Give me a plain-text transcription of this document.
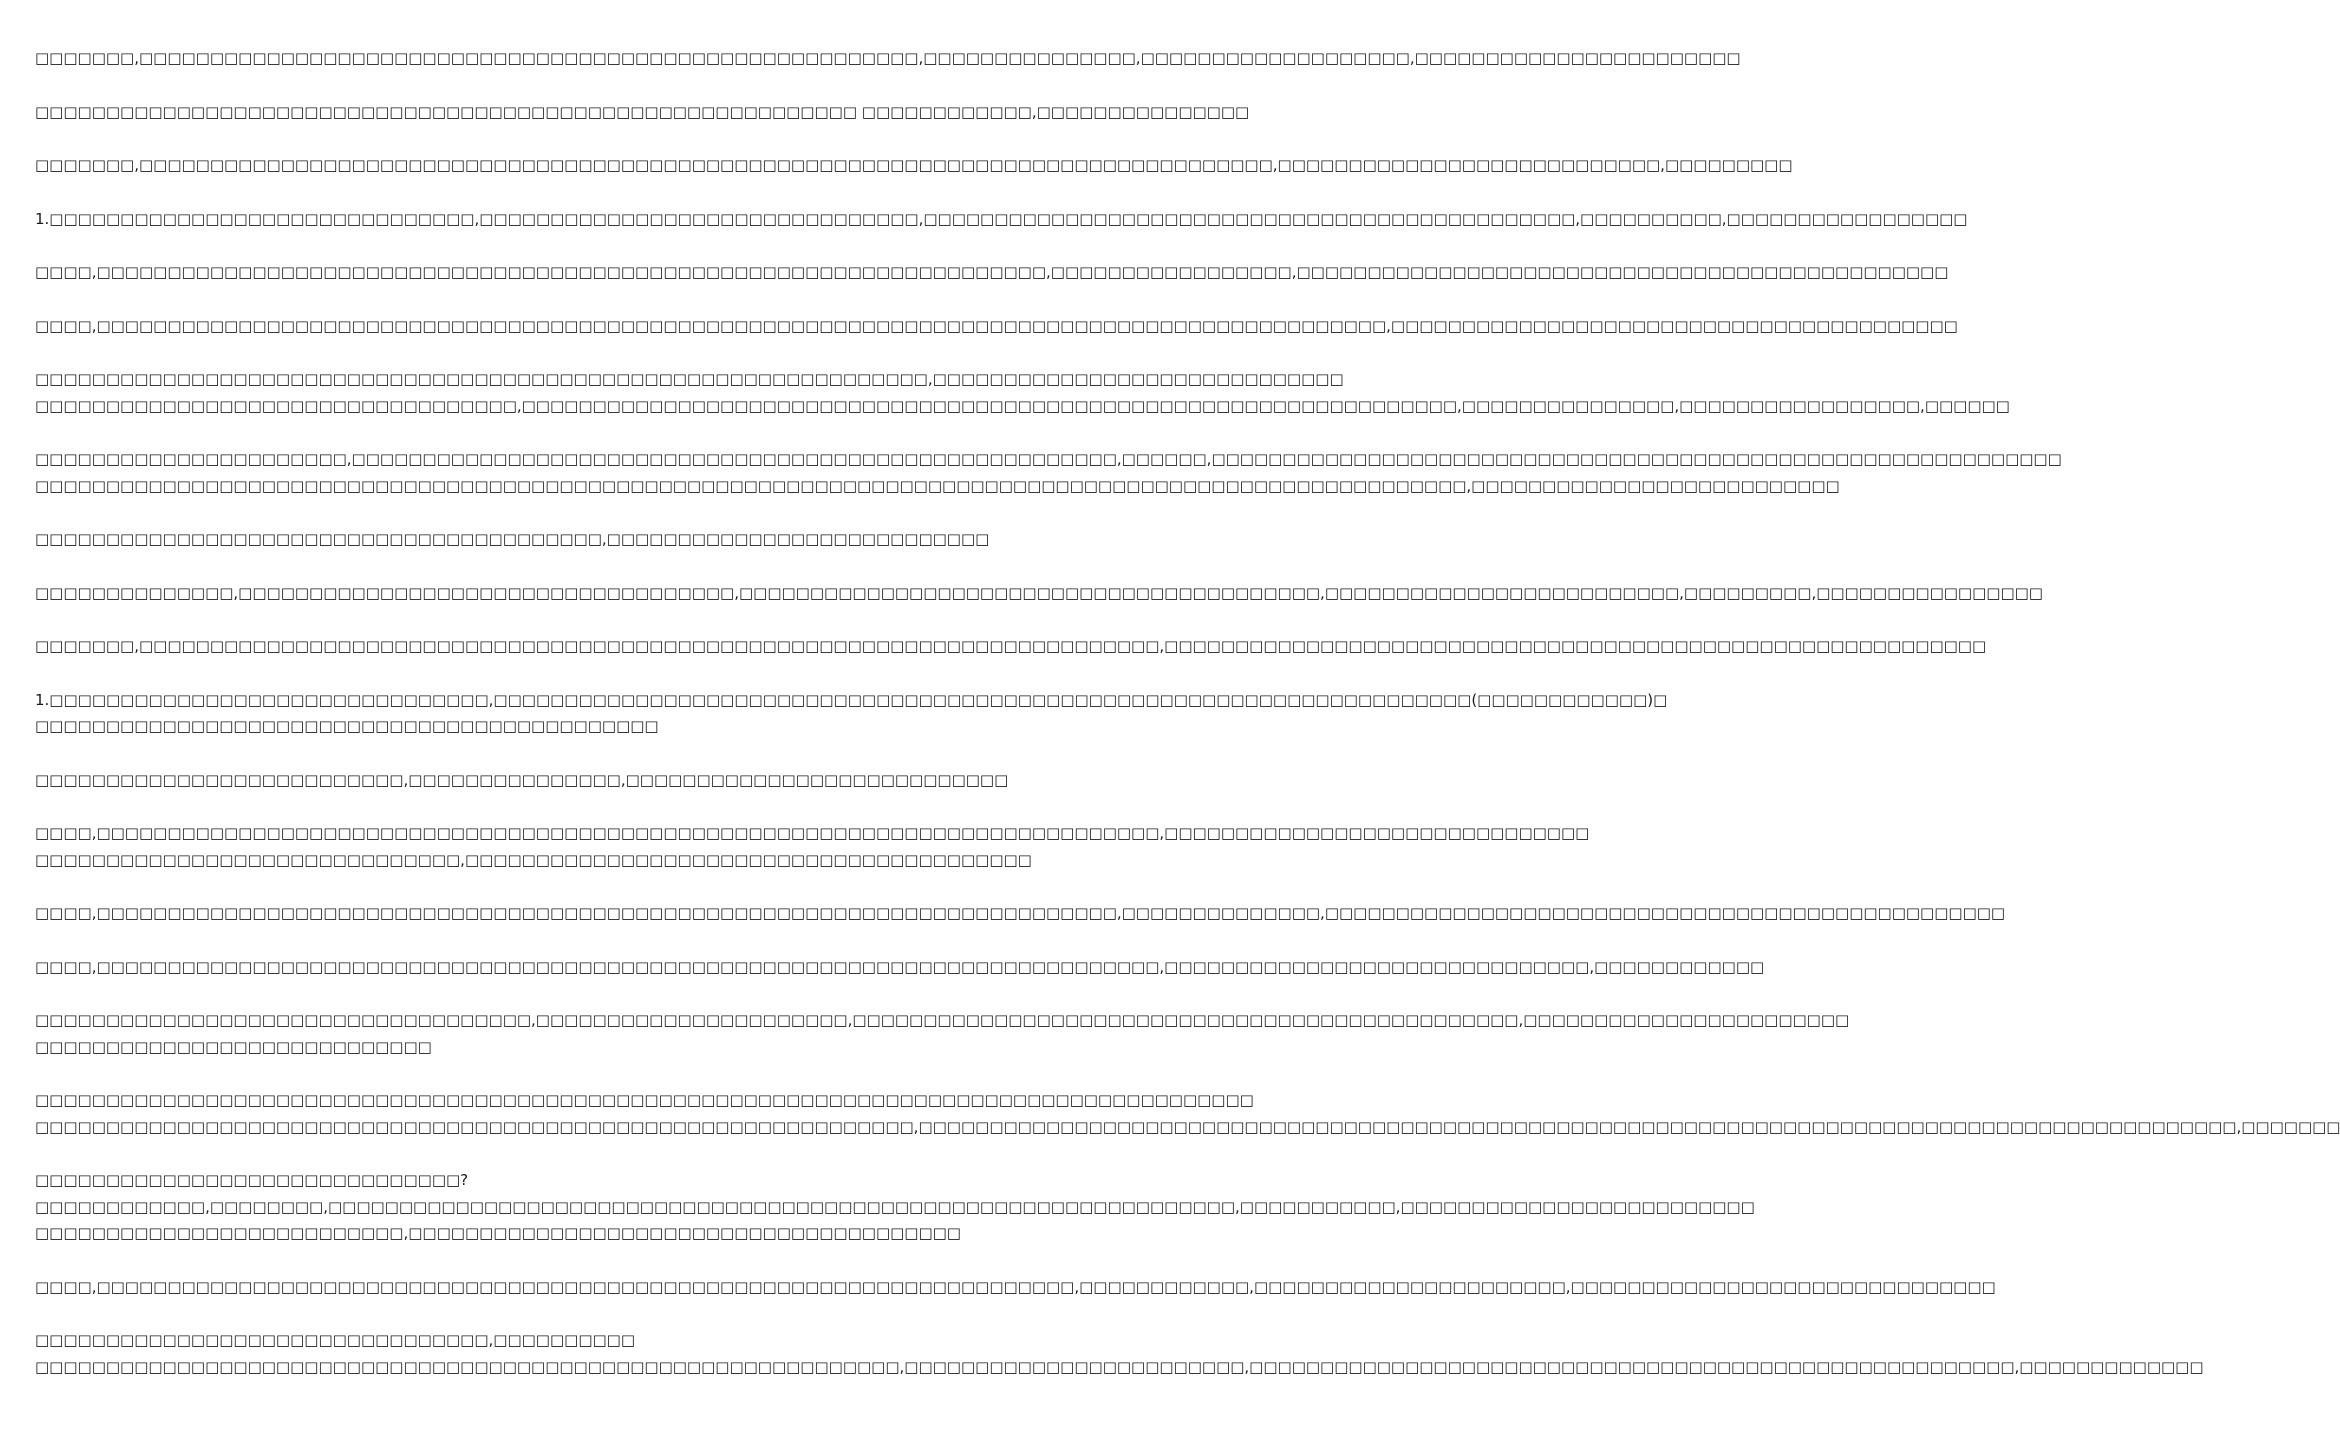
□□□□□□□,□□□□□□□□□□□□□□□□□□□□□□□□□□□□□□□□□□□□□□□□□□□□□□□□□□□□□□□,□□□□□□□□□□□□□□□,□□□□□□□□□□□□□□□□□□□,□□□□□□□□□□□□□□□□□□□□□□□
□□□□□□□□□□□□□□□□□□□□□□□□□□□□□□□□□□□□□□□□□□□□□□□□□□□□□□□□□□ □□□□□□□□□□□□,□□□□□□□□□□□□□□□
□□□□□□□,□□□□□□□□□□□□□□□□□□□□□□□□□□□□□□□□□□□□□□□□□□□□□□□□□□□□□□□□□□□□□□□□□□□□□□□□□□□□□□□□,□□□□□□□□□□□□□□□□□□□□□□□□□□□,□□□□□□□□□
1.□□□□□□□□□□□□□□□□□□□□□□□□□□□□□□,□□□□□□□□□□□□□□□□□□□□□□□□□□□□□□□,□□□□□□□□□□□□□□□□□□□□□□□□□□□□□□□□□□□□□□□□□□□□□□,□□□□□□□□□□,□□□□□□□□□□□□□□□□□
□□□□,□□□□□□□□□□□□□□□□□□□□□□□□□□□□□□□□□□□□□□□□□□□□□□□□□□□□□□□□□□□□□□□□□□□,□□□□□□□□□□□□□□□□□,□□□□□□□□□□□□□□□□□□□□□□□□□□□□□□□□□□□□□□□□□□□□□□
□□□□,□□□□□□□□□□□□□□□□□□□□□□□□□□□□□□□□□□□□□□□□□□□□□□□□□□□□□□□□□□□□□□□□□□□□□□□□□□□□□□□□□□□□□□□□□□□,□□□□□□□□□□□□□□□□□□□□□□□□□□□□□□□□□□□□□□□□
□□□□□□□□□□□□□□□□□□□□□□□□□□□□□□□□□□□□□□□□□□□□□□□□□□□□□□□□□□□□□□□,□□□□□□□□□□□□□□□□□□□□□□□□□□□□□
□□□□□□□□□□□□□□□□□□□□□□□□□□□□□□□□□□,□□□□□□□□□□□□□□□□□□□□□□□□□□□□□□□□□□□□□□□□□□□□□□□□□□□□□□□□□□□□□□□□□□,□□□□□□□□□□□□□□□,□□□□□□□□□□□□□□□□□,□□□□□□
□□□□□□□□□□□□□□□□□□□□□□,□□□□□□□□□□□□□□□□□□□□□□□□□□□□□□□□□□□□□□□□□□□□□□□□□□□□□□,□□□□□□,□□□□□□□□□□□□□□□□□□□□□□□□□□□□□□□□□□□□□□□□□□□□□□□□□□□□□□□□□□□□
□□□□□□□□□□□□□□□□□□□□□□□□□□□□□□□□□□□□□□□□□□□□□□□□□□□□□□□□□□□□□□□□□□□□□□□□□□□□□□□□□□□□□□□□□□□□□□□□□□□□□,□□□□□□□□□□□□□□□□□□□□□□□□□□
□□□□□□□□□□□□□□□□□□□□□□□□□□□□□□□□□□□□□□□□,□□□□□□□□□□□□□□□□□□□□□□□□□□□
□□□□□□□□□□□□□□,□□□□□□□□□□□□□□□□□□□□□□□□□□□□□□□□□□□,□□□□□□□□□□□□□□□□□□□□□□□□□□□□□□□□□□□□□□□□□,□□□□□□□□□□□□□□□□□□□□□□□□□,□□□□□□□□□,□□□□□□□□□□□□□□□□
□□□□□□□,□□□□□□□□□□□□□□□□□□□□□□□□□□□□□□□□□□□□□□□□□□□□□□□□□□□□□□□□□□□□□□□□□□□□□□□□,□□□□□□□□□□□□□□□□□□□□□□□□□□□□□□□□□□□□□□□□□□□□□□□□□□□□□□□□□□
1.□□□□□□□□□□□□□□□□□□□□□□□□□□□□□□□,□□□□□□□□□□□□□□□□□□□□□□□□□□□□□□□□□□□□□□□□□□□□□□□□□□□□□□□□□□□□□□□□□□□□□(□□□□□□□□□□□□)□
□□□□□□□□□□□□□□□□□□□□□□□□□□□□□□□□□□□□□□□□□□□□
□□□□□□□□□□□□□□□□□□□□□□□□□□,□□□□□□□□□□□□□□□,□□□□□□□□□□□□□□□□□□□□□□□□□□□
□□□□,□□□□□□□□□□□□□□□□□□□□□□□□□□□□□□□□□□□□□□□□□□□□□□□□□□□□□□□□□□□□□□□□□□□□□□□□□□□,□□□□□□□□□□□□□□□□□□□□□□□□□□□□□□
□□□□□□□□□□□□□□□□□□□□□□□□□□□□□□,□□□□□□□□□□□□□□□□□□□□□□□□□□□□□□□□□□□□□□□□
□□□□,□□□□□□□□□□□□□□□□□□□□□□□□□□□□□□□□□□□□□□□□□□□□□□□□□□□□□□□□□□□□□□□□□□□□□□□□,□□□□□□□□□□□□□□,□□□□□□□□□□□□□□□□□□□□□□□□□□□□□□□□□□□□□□□□□□□□□□□□
□□□□,□□□□□□□□□□□□□□□□□□□□□□□□□□□□□□□□□□□□□□□□□□□□□□□□□□□□□□□□□□□□□□□□□□□□□□□□□□□,□□□□□□□□□□□□□□□□□□□□□□□□□□□□□□,□□□□□□□□□□□□
□□□□□□□□□□□□□□□□□□□□□□□□□□□□□□□□□□□,□□□□□□□□□□□□□□□□□□□□□□,□□□□□□□□□□□□□□□□□□□□□□□□□□□□□□□□□□□□□□□□□□□□□□□,□□□□□□□□□□□□□□□□□□□□□□□
□□□□□□□□□□□□□□□□□□□□□□□□□□□□
□□□□□□□□□□□□□□□□□□□□□□□□□□□□□□□□□□□□□□□□□□□□□□□□□□□□□□□□□□□□□□□□□□□□□□□□□□□□□□□□□□□□□□
□□□□□□□□□□□□□□□□□□□□□□□□□□□□□□□□□□□□□□□□□□□□□□□□□□□□□□□□□□□□□□,□□□□□□□□□□□□□□□□□□□□□□□□□□□□□□□□□□□□□□□□□□□□□□□□□□□□□□□□□□□□□□□□□□□□□□□□□□□□□□□□□□□□□□□□□□□□□,□□□□□□□
□□□□□□□□□□□□□□□□□□□□□□□□□□□□□□?
□□□□□□□□□□□□,□□□□□□□□,□□□□□□□□□□□□□□□□□□□□□□□□□□□□□□□□□□□□□□□□□□□□□□□□□□□□□□□□□□□□□□□□,□□□□□□□□□□□,□□□□□□□□□□□□□□□□□□□□□□□□□
□□□□□□□□□□□□□□□□□□□□□□□□□□,□□□□□□□□□□□□□□□□□□□□□□□□□□□□□□□□□□□□□□□
□□□□,□□□□□□□□□□□□□□□□□□□□□□□□□□□□□□□□□□□□□□□□□□□□□□□□□□□□□□□□□□□□□□□□□□□□□,□□□□□□□□□□□□,□□□□□□□□□□□□□□□□□□□□□□,□□□□□□□□□□□□□□□□□□□□□□□□□□□□□□
□□□□□□□□□□□□□□□□□□□□□□□□□□□□□□□□,□□□□□□□□□□
□□□□□□□□□□□□□□□□□□□□□□□□□□□□□□□□□□□□□□□□□□□□□□□□□□□□□□□□□□□□□,□□□□□□□□□□□□□□□□□□□□□□□□,□□□□□□□□□□□□□□□□□□□□□□□□□□□□□□□□□□□□□□□□□□□□□□□□□□□□□□,□□□□□□□□□□□□□
